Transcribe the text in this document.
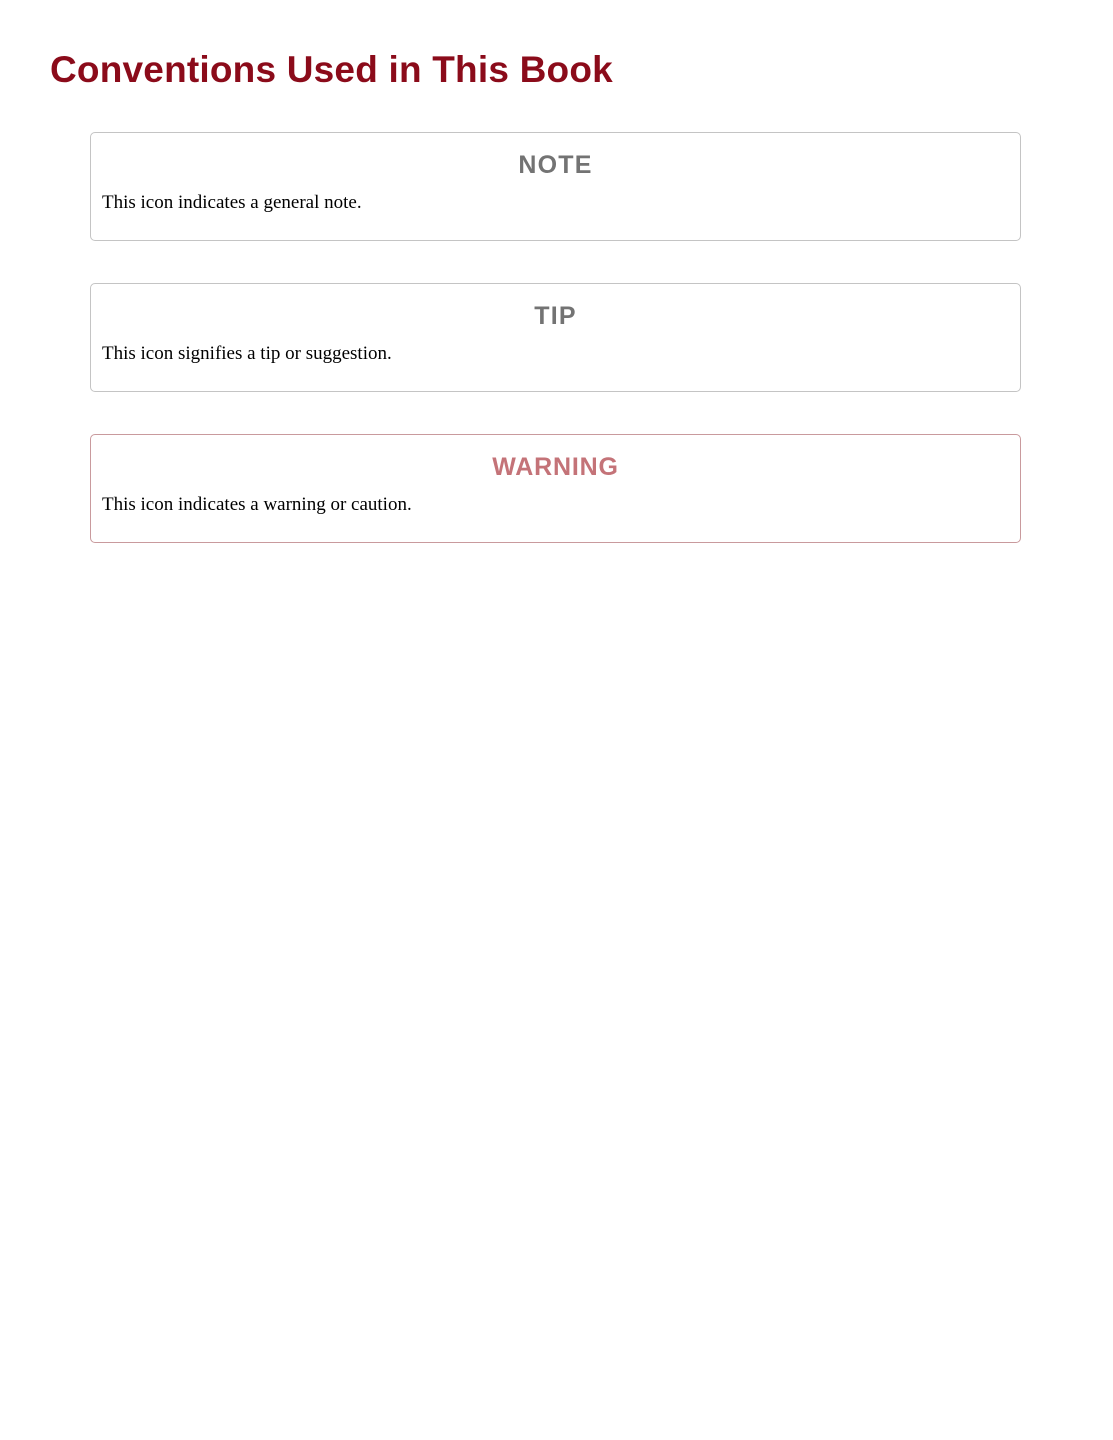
Conventions Used in This Book
NOTE
This icon indicates a general note.
TIP
This icon signifies a tip or suggestion.
WARNING
This icon indicates a warning or caution.
